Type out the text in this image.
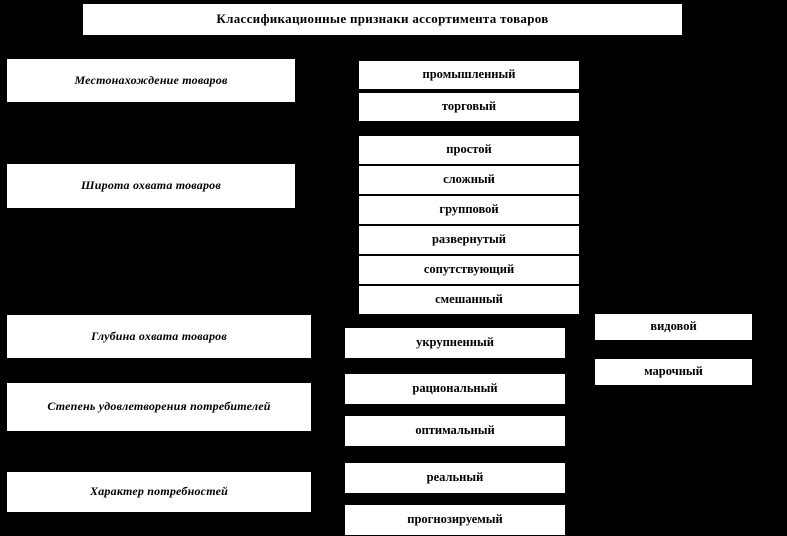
Классификационные признаки ассортимента товаров
Местонахождение товаров
Широта охвата товаров
Глубина охвата товаров
Степень удовлетворения потребителей
Характер потребностей
промышленный
торговый
простой
сложный
групповой
развернутый
сопутствующий
смешанный
укрупненный
рациональный
оптимальный
реальный
прогнозируемый
видовой
марочный
